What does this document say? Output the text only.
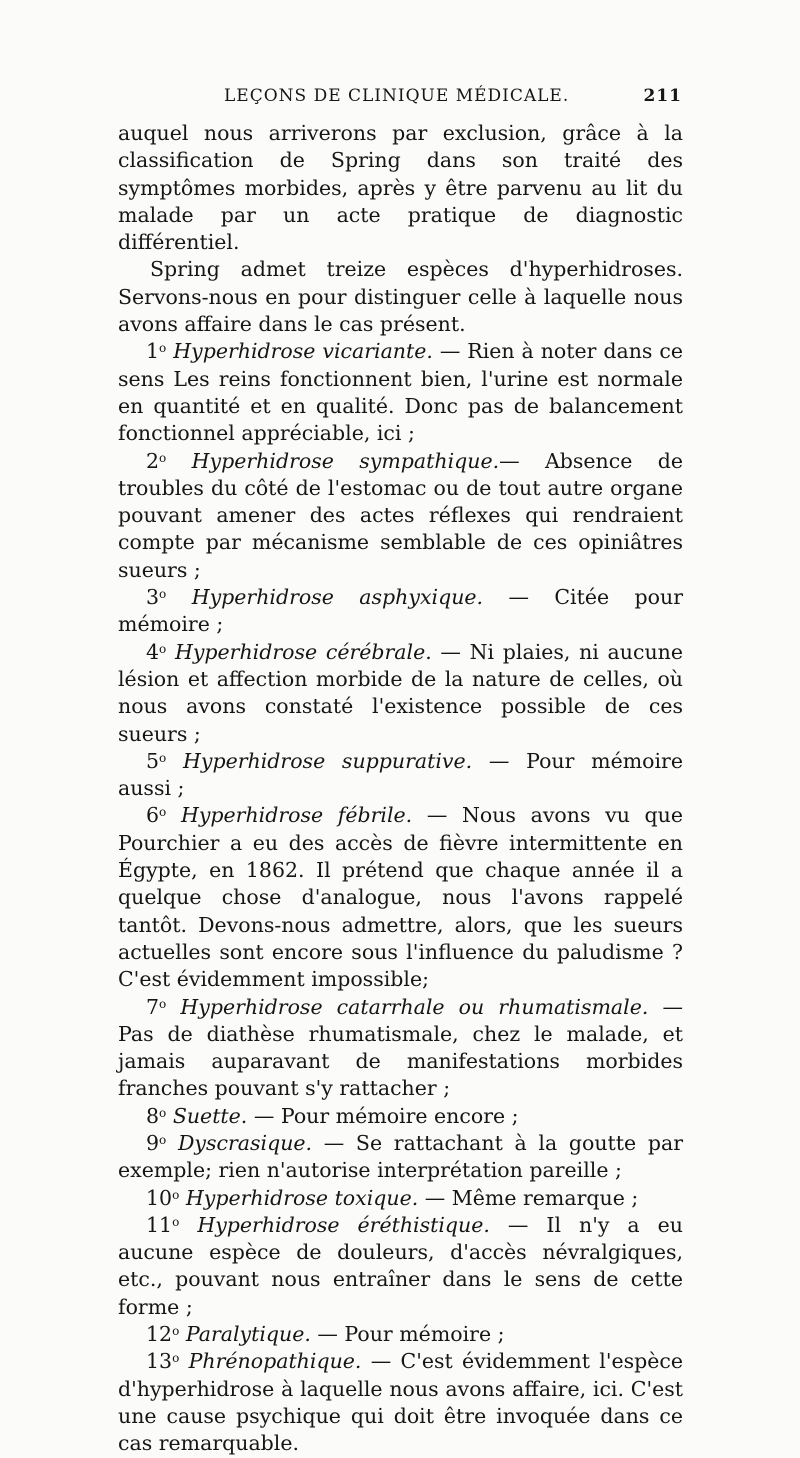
LEÇONS DE CLINIQUE MÉDICALE.	211

auquel nous arriverons par exclusion, grâce à la classification de Spring dans son traité des symptômes morbides, après y être parvenu au lit du malade par un acte pratique de diagnostic différentiel.

Spring admet treize espèces d'hyperhidroses. Servons-nous en pour distinguer celle à laquelle nous avons affaire dans le cas présent.

1$^o$ Hyperhidrose vicariante. — Rien à noter dans ce sens Les reins fonctionnent bien, l'urine est normale en quantité et en qualité. Donc pas de balancement fonctionnel appréciable, ici ;

2$^o$ Hyperhidrose sympathique.— Absence de troubles du côté de l'estomac ou de tout autre organe pouvant amener des actes réflexes qui rendraient compte par mécanisme semblable de ces opiniâtres sueurs ;

3$^o$ Hyperhidrose asphyxique. — Citée pour mémoire ;

4$^o$ Hyperhidrose cérébrale. — Ni plaies, ni aucune lésion et affection morbide de la nature de celles, où nous avons constaté l'existence possible de ces sueurs ;

5$^o$ Hyperhidrose suppurative. — Pour mémoire aussi ;

6$^o$ Hyperhidrose fébrile. — Nous avons vu que Pourchier a eu des accès de fièvre intermittente en Égypte, en 1862. Il prétend que chaque année il a quelque chose d'analogue, nous l'avons rappelé tantôt. Devons-nous admettre, alors, que les sueurs actuelles sont encore sous l'influence du paludisme ? C'est évidemment impossible;

7$^o$ Hyperhidrose catarrhale ou rhumatismale. — Pas de diathèse rhumatismale, chez le malade, et jamais auparavant de manifestations morbides franches pouvant s'y rattacher ;

8$^o$ Suette. — Pour mémoire encore ;

9$^o$ Dyscrasique. — Se rattachant à la goutte par exemple; rien n'autorise interprétation pareille ;

10$^o$ Hyperhidrose toxique. — Même remarque ;

11$^o$ Hyperhidrose éréthistique. — Il n'y a eu aucune espèce de douleurs, d'accès névralgiques, etc., pouvant nous entraîner dans le sens de cette forme ;

12$^o$ Paralytique. — Pour mémoire ;

13$^o$ Phrénopathique. — C'est évidemment l'espèce d'hyperhidrose à laquelle nous avons affaire, ici. C'est une cause psychique qui doit être invoquée dans ce cas remarquable.
